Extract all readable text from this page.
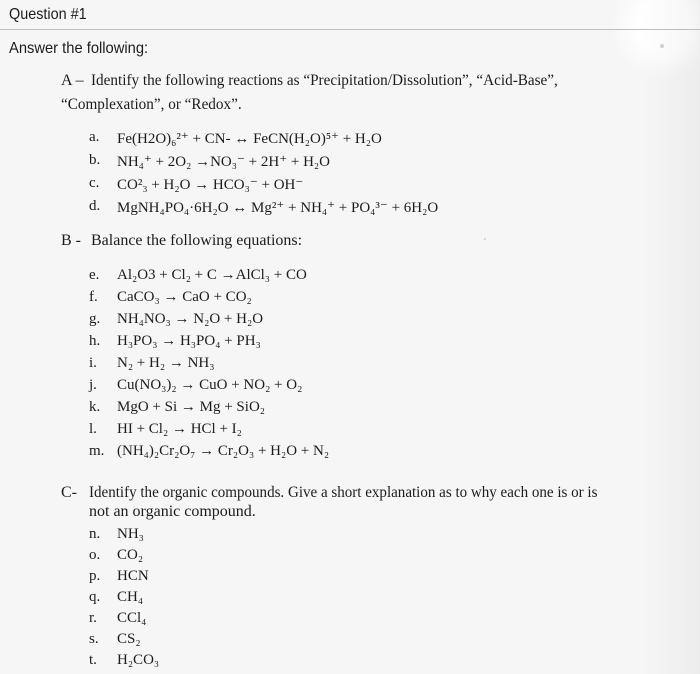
Question #1
Answer the following:
A – Identify the following reactions as “Precipitation/Dissolution”, “Acid-Base”,
“Complexation”, or “Redox”.
a. Fe(H2O)₆²⁺ + CN- ↔ FeCN(H₂O)⁵⁺ + H₂O
b. NH₄⁺ + 2O₂ →NO₃⁻ + 2H⁺ + H₂O
c. CO²₃ + H₂O → HCO₃⁻ + OH⁻
d. MgNH₄PO₄·6H₂O ↔ Mg²⁺ + NH₄⁺ + PO₄³⁻ + 6H₂O
B - Balance the following equations:
e. Al₂O3 + Cl₂ + C →AlCl₃ + CO
f. CaCO₃ → CaO + CO₂
g. NH₄NO₃ → N₂O + H₂O
h. H₃PO₃ → H₃PO₄ + PH₃
i. N₂ + H₂ → NH₃
j. Cu(NO₃)₂ → CuO + NO₂ + O₂
k. MgO + Si → Mg + SiO₂
l. HI + Cl₂ → HCl + I₂
m. (NH₄)₂Cr₂O₇ → Cr₂O₃ + H₂O + N₂
C- Identify the organic compounds. Give a short explanation as to why each one is or is
not an organic compound.
n. NH₃
o. CO₂
p. HCN
q. CH₄
r. CCl₄
s. CS₂
t. H₂CO₃
